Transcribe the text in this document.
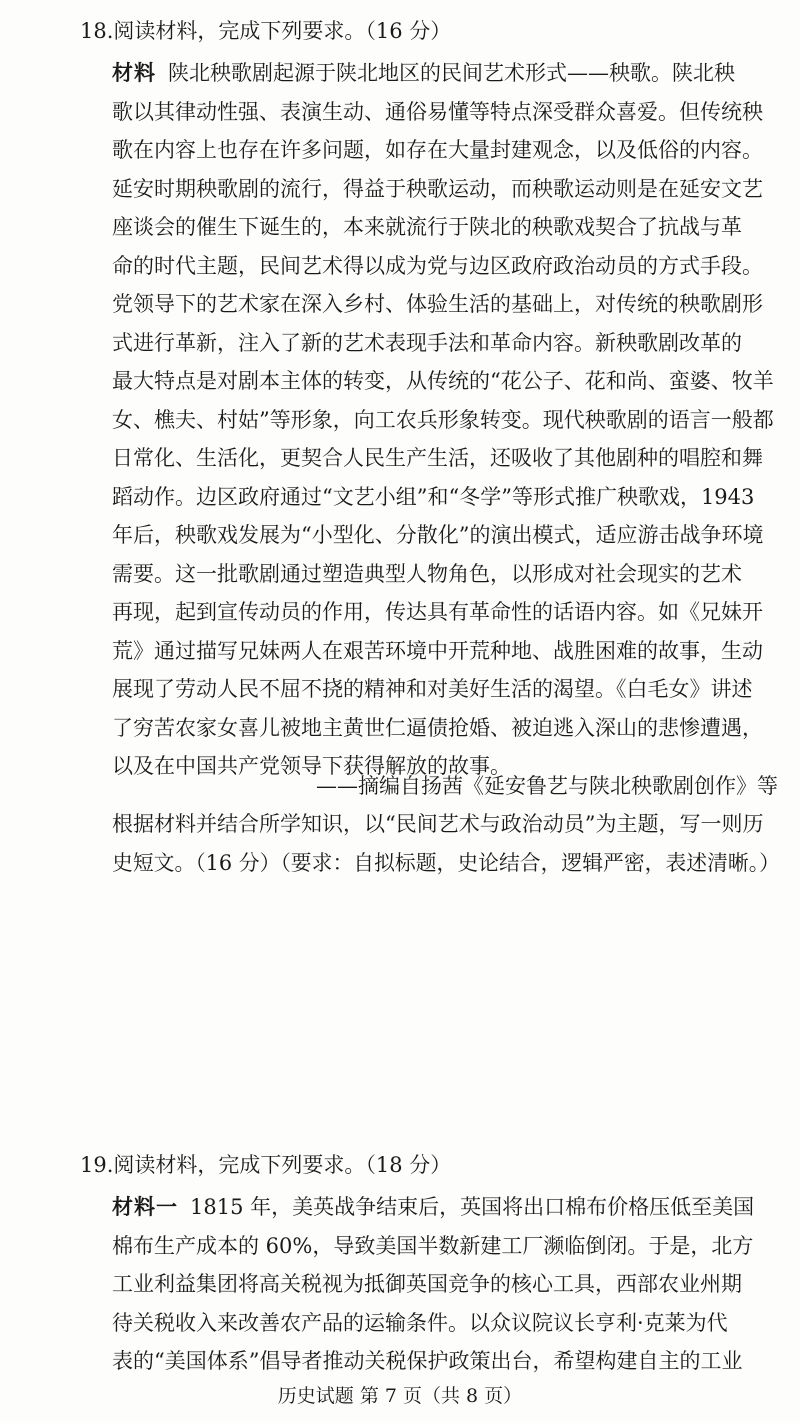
18.阅读材料，完成下列要求。（16 分）
材料 陕北秧歌剧起源于陕北地区的民间艺术形式——秧歌。陕北秧
歌以其律动性强、表演生动、通俗易懂等特点深受群众喜爱。但传统秧
歌在内容上也存在许多问题，如存在大量封建观念，以及低俗的内容。
延安时期秧歌剧的流行，得益于秧歌运动，而秧歌运动则是在延安文艺
座谈会的催生下诞生的，本来就流行于陕北的秧歌戏契合了抗战与革
命的时代主题，民间艺术得以成为党与边区政府政治动员的方式手段。
党领导下的艺术家在深入乡村、体验生活的基础上，对传统的秧歌剧形
式进行革新，注入了新的艺术表现手法和革命内容。新秧歌剧改革的
最大特点是对剧本主体的转变，从传统的“花公子、花和尚、蛮婆、牧羊
女、樵夫、村姑”等形象，向工农兵形象转变。现代秧歌剧的语言一般都
日常化、生活化，更契合人民生产生活，还吸收了其他剧种的唱腔和舞
蹈动作。边区政府通过“文艺小组”和“冬学”等形式推广秧歌戏，1943
年后，秧歌戏发展为“小型化、分散化”的演出模式，适应游击战争环境
需要。这一批歌剧通过塑造典型人物角色，以形成对社会现实的艺术
再现，起到宣传动员的作用，传达具有革命性的话语内容。如《兄妹开
荒》通过描写兄妹两人在艰苦环境中开荒种地、战胜困难的故事，生动
展现了劳动人民不屈不挠的精神和对美好生活的渴望。《白毛女》讲述
了穷苦农家女喜儿被地主黄世仁逼债抢婚、被迫逃入深山的悲惨遭遇，
以及在中国共产党领导下获得解放的故事。
——摘编自扬茜《延安鲁艺与陕北秧歌剧创作》等
根据材料并结合所学知识，以“民间艺术与政治动员”为主题，写一则历
史短文。（16 分）（要求：自拟标题，史论结合，逻辑严密，表述清晰。）
19.阅读材料，完成下列要求。（18 分）
材料一 1815 年，美英战争结束后，英国将出口棉布价格压低至美国
棉布生产成本的 60%，导致美国半数新建工厂濒临倒闭。于是，北方
工业利益集团将高关税视为抵御英国竞争的核心工具，西部农业州期
待关税收入来改善农产品的运输条件。以众议院议长亨利·克莱为代
表的“美国体系”倡导者推动关税保护政策出台，希望构建自主的工业
历史试题 第 7 页（共 8 页）
